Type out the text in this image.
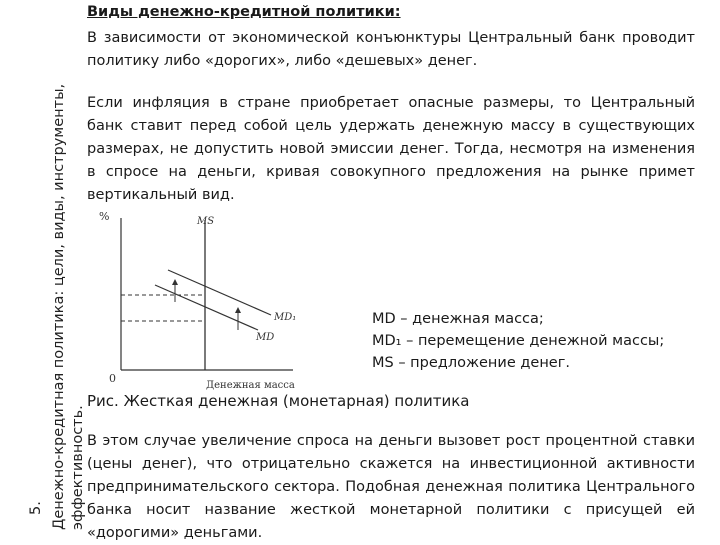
5. Денежно-кредитная политика: цели, виды, инструменты, эффективность.
Виды денежно-кредитной политики:
В зависимости от экономической конъюнктуры Центральный банк проводит политику либо «дорогих», либо «дешевых» денег.
Если инфляция в стране приобретает опасные размеры, то Центральный банк ставит перед собой цель удержать денежную массу в существующих размерах, не допустить новой эмиссии денег. Тогда, несмотря на изменения в спросе на деньги, кривая совокупного предложения на рынке примет вертикальный вид.
В этом случае увеличение спроса на деньги вызовет рост процентной ставки (цены денег), что отрицательно скажется на инвестиционной активности предпринимательского сектора. Подобная денежная политика Центрального банка носит название жесткой монетарной политики с присущей ей «дорогими» деньгами.
%
0
Денежная масса
MS
MD₁
MD
MD – денежная масса;
MD₁ – перемещение денежной массы;
MS – предложение денег.
Рис. Жесткая денежная (монетарная) политика
